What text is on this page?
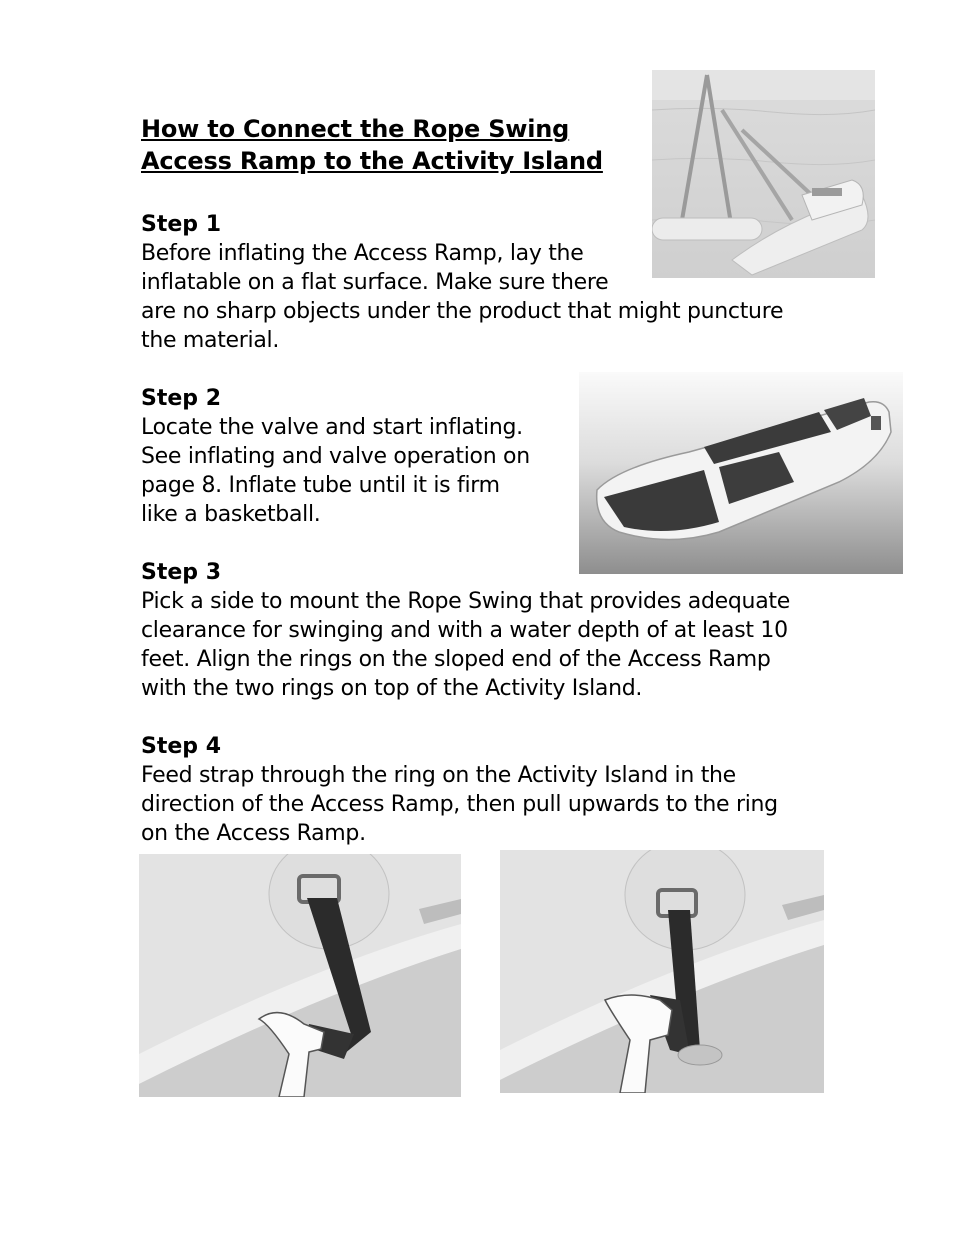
How to Connect the Rope Swing
Access Ramp to the Activity Island
Step 1
Before inflating the Access Ramp, lay the
inflatable on a flat surface. Make sure there
are no sharp objects under the product that might puncture
the material.
Step 2
Locate the valve and start inflating.
See inflating and valve operation on
page 8. Inflate tube until it is firm
like a basketball.
Step 3
Pick a side to mount the Rope Swing that provides adequate
clearance for swinging and with a water depth of at least 10
feet. Align the rings on the sloped end of the Access Ramp
with the two rings on top of the Activity Island.
Step 4
Feed strap through the ring on the Activity Island in the
direction of the Access Ramp, then pull upwards to the ring
on the Access Ramp.
